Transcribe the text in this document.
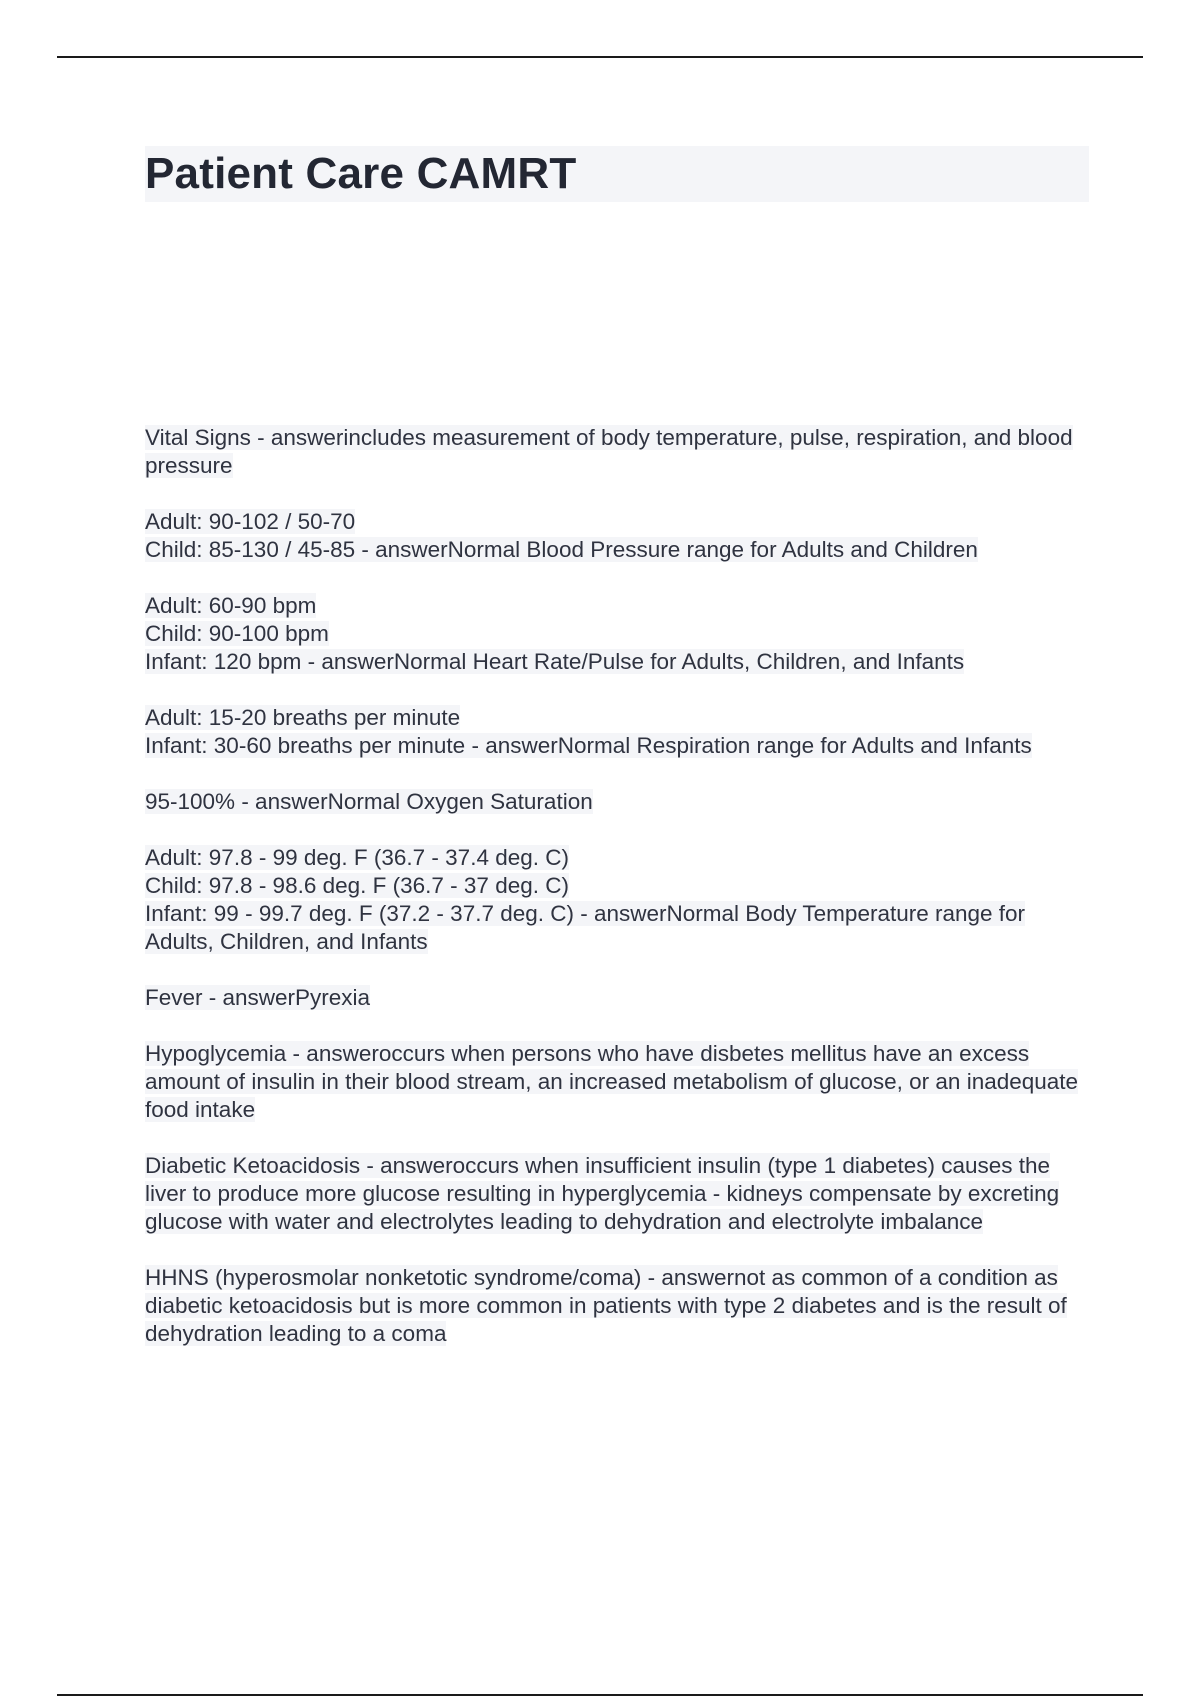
Patient Care CAMRT
Vital Signs - answerincludes measurement of body temperature, pulse, respiration, and blood pressure
Adult: 90-102 / 50-70
Child: 85-130 / 45-85 - answerNormal Blood Pressure range for Adults and Children
Adult: 60-90 bpm
Child: 90-100 bpm
Infant: 120 bpm - answerNormal Heart Rate/Pulse for Adults, Children, and Infants
Adult: 15-20 breaths per minute
Infant: 30-60 breaths per minute - answerNormal Respiration range for Adults and Infants
95-100% - answerNormal Oxygen Saturation
Adult: 97.8 - 99 deg. F (36.7 - 37.4 deg. C)
Child: 97.8 - 98.6 deg. F (36.7 - 37 deg. C)
Infant: 99 - 99.7 deg. F (37.2 - 37.7 deg. C) - answerNormal Body Temperature range for Adults, Children, and Infants
Fever - answerPyrexia
Hypoglycemia - answeroccurs when persons who have disbetes mellitus have an excess amount of insulin in their blood stream, an increased metabolism of glucose, or an inadequate food intake
Diabetic Ketoacidosis - answeroccurs when insufficient insulin (type 1 diabetes) causes the liver to produce more glucose resulting in hyperglycemia - kidneys compensate by excreting glucose with water and electrolytes leading to dehydration and electrolyte imbalance
HHNS (hyperosmolar nonketotic syndrome/coma) - answernot as common of a condition as diabetic ketoacidosis but is more common in patients with type 2 diabetes and is the result of dehydration leading to a coma
